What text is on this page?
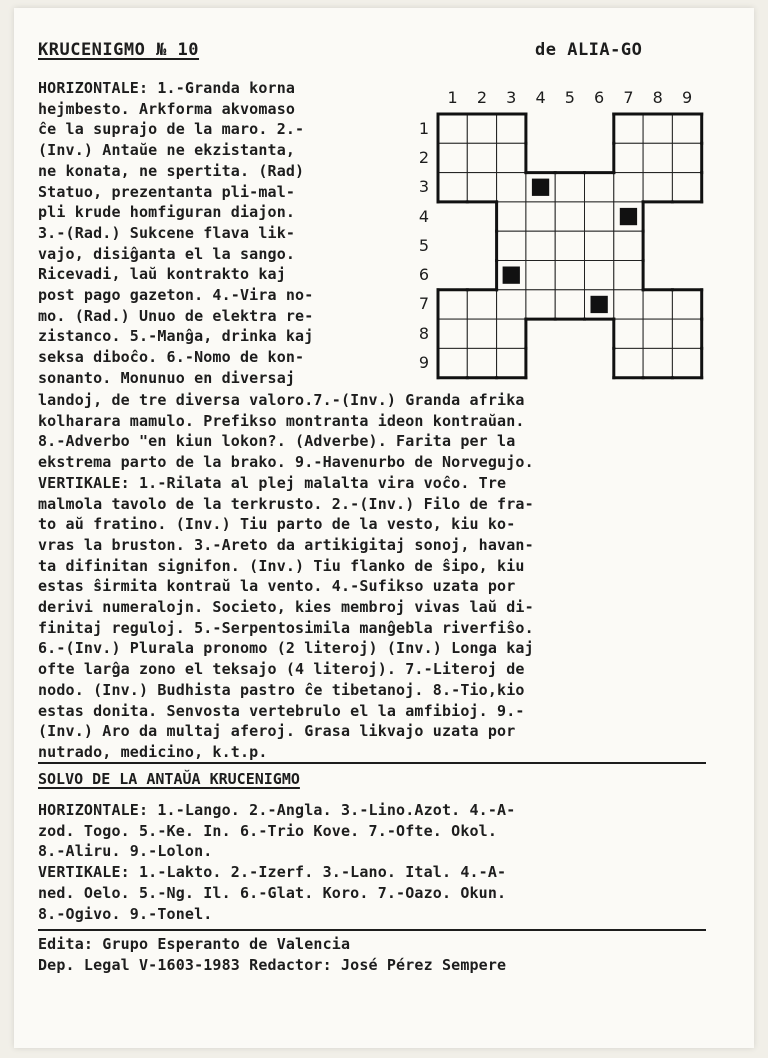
KRUCENIGMO № 10	de ALIA-GO
HORIZONTALE: 1.-Granda korna
hejmbesto. Arkforma akvomaso
ĉe la suprajo de la maro. 2.-
(Inv.) Antaŭe ne ekzistanta,
ne konata, ne spertita. (Rad)
Statuo, prezentanta pli-mal-
pli krude homfiguran diajon.
3.-(Rad.) Sukcene flava lik-
vajo, disiĝanta el la sango.
Ricevadi, laŭ kontrakto kaj
post pago gazeton. 4.-Vira no-
mo. (Rad.) Unuo de elektra re-
zistanco. 5.-Manĝa, drinka kaj
seksa diboĉo. 6.-Nomo de kon-
sonanto. Monunuo en diversaj
1	2	3	4	5	6	7	8	9
1
2
3
4
5
6
7
8
9
landoj, de tre diversa valoro.7.-(Inv.) Granda afrika
kolharara mamulo. Prefikso montranta ideon kontraŭan.
8.-Adverbo "en kiun lokon?. (Adverbe). Farita per la
ekstrema parto de la brako. 9.-Havenurbo de Norvegujo.
VERTIKALE: 1.-Rilata al plej malalta vira voĉo. Tre
malmola tavolo de la terkrusto. 2.-(Inv.) Filo de fra-
to aŭ fratino. (Inv.) Tiu parto de la vesto, kiu ko-
vras la bruston. 3.-Areto da artikigitaj sonoj, havan-
ta difinitan signifon. (Inv.) Tiu flanko de ŝipo, kiu
estas ŝirmita kontraŭ la vento. 4.-Sufikso uzata por
derivi numeralojn. Societo, kies membroj vivas laŭ di-
finitaj reguloj. 5.-Serpentosimila manĝebla riverfiŝo.
6.-(Inv.) Plurala pronomo (2 literoj) (Inv.) Longa kaj
ofte larĝa zono el teksajo (4 literoj). 7.-Literoj de
nodo. (Inv.) Budhista pastro ĉe tibetanoj. 8.-Tio,kio
estas donita. Senvosta vertebrulo el la amfibioj. 9.-
(Inv.) Aro da multaj aferoj. Grasa likvajo uzata por
nutrado, medicino, k.t.p.
SOLVO DE LA ANTAŬA KRUCENIGMO
HORIZONTALE: 1.-Lango. 2.-Angla. 3.-Lino.Azot. 4.-A-
zod. Togo. 5.-Ke. In. 6.-Trio Kove. 7.-Ofte. Okol.
8.-Aliru. 9.-Lolon.
VERTIKALE: 1.-Lakto. 2.-Izerf. 3.-Lano. Ital. 4.-A-
ned. Oelo. 5.-Ng. Il. 6.-Glat. Koro. 7.-Oazo. Okun.
8.-Ogivo. 9.-Tonel.
Edita: Grupo Esperanto de Valencia
Dep. Legal V-1603-1983 Redactor: José Pérez Sempere
